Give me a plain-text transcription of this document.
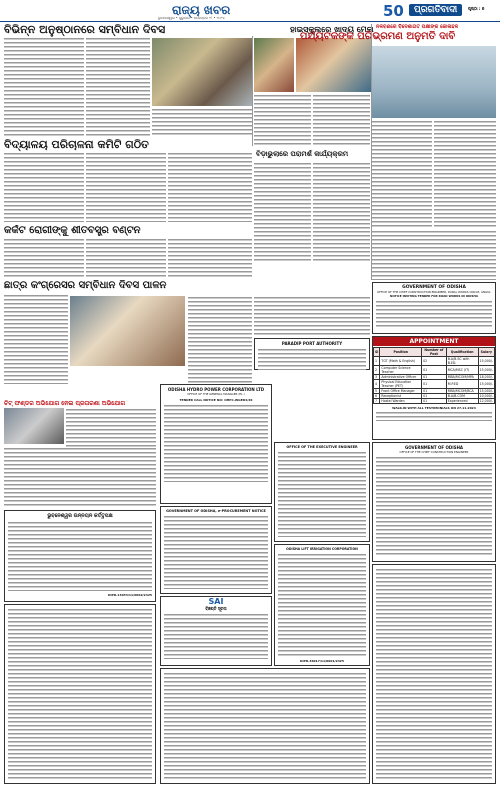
ରାଜ୍ୟ ଖବର
ଭୁବନେଶ୍ୱର • ଗୁରୁବାର • ନଭେମ୍ବର ୨୮ • ୨୦୨୪	50	ପ୍ରଗତିବାଦୀ	ପୃଷ୍ଠା : ୭
ବିଭିନ୍ନ ଅନୁଷ୍ଠାନରେ ସମ୍ବିଧାନ ଦିବସ	ହାଇସ୍କୁଲରେ ଖାଦ୍ୟ ମେଳା
ବିଦ୍ୟାଳୟ ପରିଚାଳନା କମିଟି ଗଠିତ
ବିଡ଼ାଭୁଲାରେ ପରାମର୍ଶ କାର୍ଯ୍ୟକ୍ରମ
କର୍କଟ ରୋଗୀଙ୍କୁ ଶୀତବସ୍ତ୍ର ବଣ୍ଟନ
ଛାତ୍ର କଂଗ୍ରେସର ସମ୍ବିଧାନ ଦିବସ ପାଳନ
ଚିଟ୍ ଫଣ୍ଡର ଅଭିଯୋଗ ନେଇ ପ୍ରତାରଣା ଅଭିଯୋଗ
ନଳବଣରେ ବିଦେଶାଗତ ପକ୍ଷୀଙ୍କ କୋଳାହଳ
ପର୍ଯ୍ୟଟକଙ୍କ ପରିଭ୍ରମଣ ଅନୁମତି ଦାବି
GOVERNMENT OF ODISHA
OFFICE OF THE CHIEF CONSTRUCTION ENGINEER, RURAL WORKS CIRCLE, ANGUL
NOTICE INVITING TENDER FOR ROAD WORKS IN ODISHA
PARADIP PORT AUTHORITY	APPOINTMENT
Sl	Position	Number of Post	Qualification	Salary
1	TGT (Math & English)	02	B.A/B.SC with B.ED.	15,000/-
2	Computer Science Teacher	01	MCA/MSC (IT)	15,000/-
3	Administrative Officer	01	MBA/MCOM/MPA	18,000/-
4	Physical Education Teacher (PET)	01	M.P.ED	15,000/-
5	Front Office Manager	01	MBA/MCOM/BCA	15,000/-
6	Receptionist	01	B.A/B.COM	10,000/-
7	Hostel Warden	01	Experienced	12,000/-
WALK-IN WITH ALL TESTIMONIALS ON 27.11.2024
ODISHA HYDRO POWER CORPORATION LTD
OFFICE OF THE GENERAL MANAGER (EL.)
TENDER CALL NOTICE NO: OHPC-WGED4/26
GOVERNMENT OF ODISHA, e-PROCUREMENT NOTICE
OFFICE OF THE EXECUTIVE ENGINEER	GOVERNMENT OF ODISHA
OFFICE OF THE CHIEF CONSTRUCTION ENGINEER
ଭୁବନେଶ୍ୱର ଉନ୍ନୟନ କର୍ତ୍ତୃପକ୍ଷ
DIPR-13033/11/0002/2425
SAI
ବିଜ୍ଞପ୍ତି ସୂଚନା
ODISHA LIFT IRRIGATION CORPORATION
DIPR-36017/11/0001/2425
